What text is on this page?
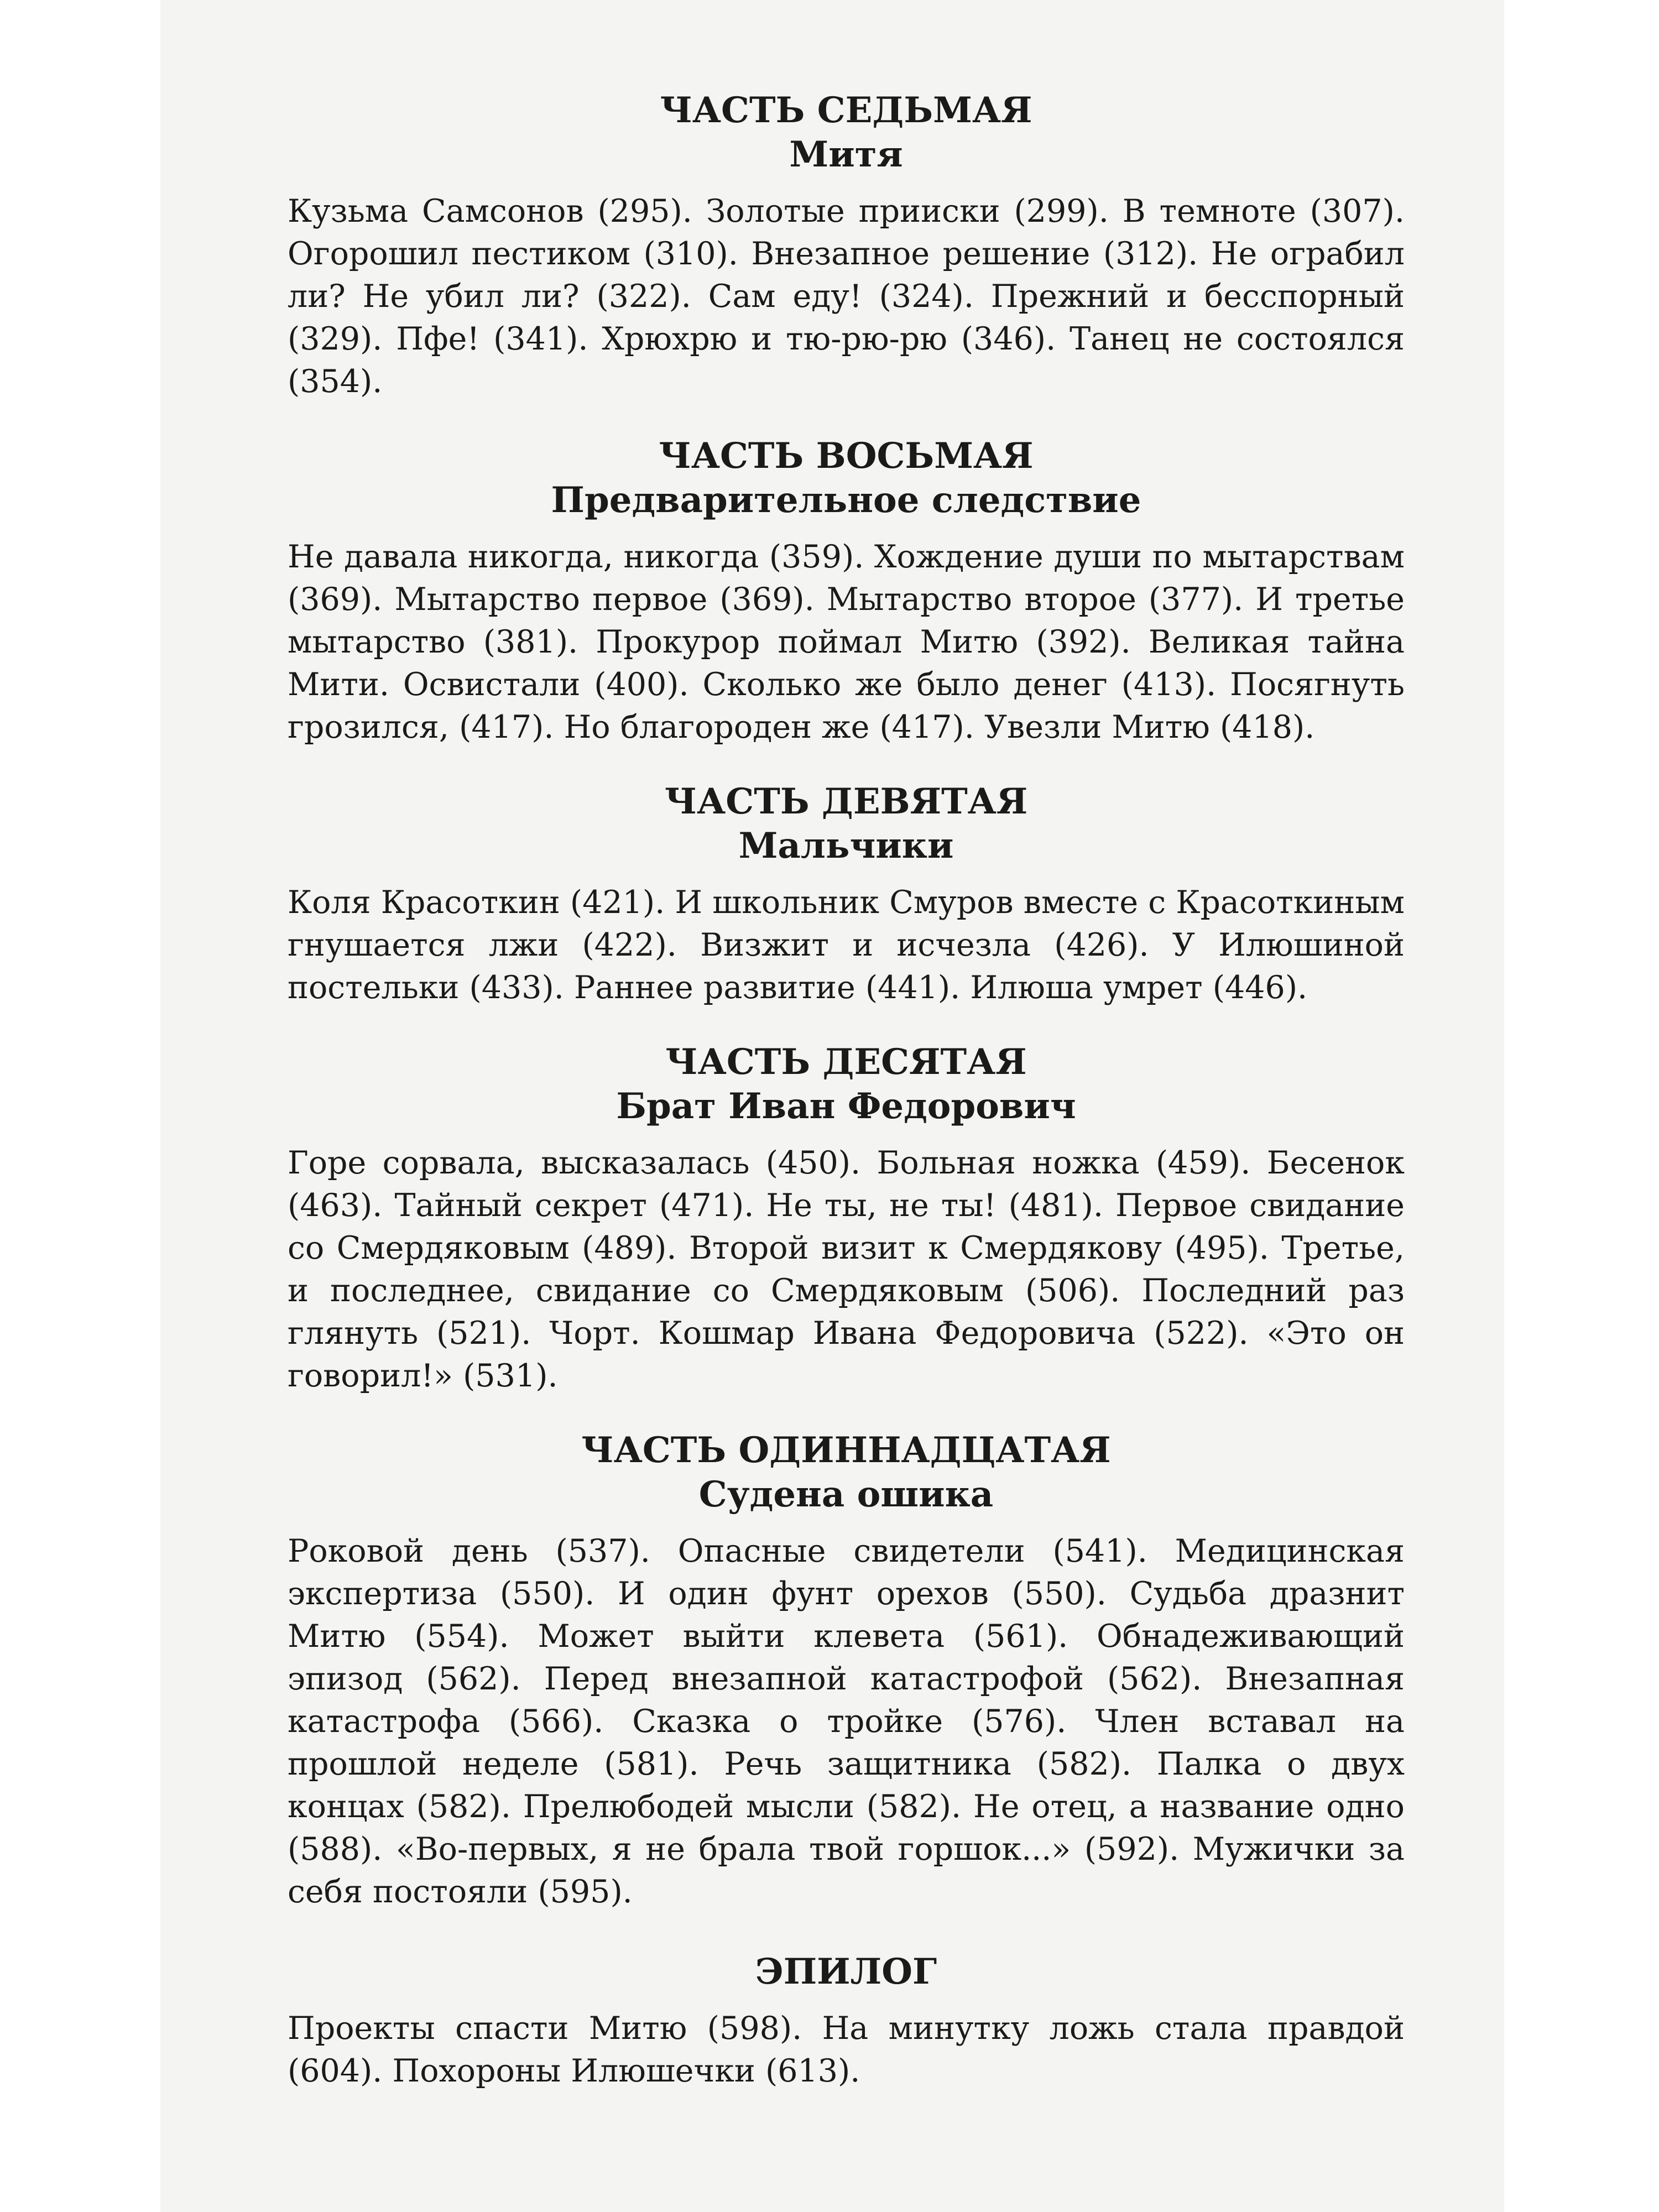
ЧАСТЬ СЕДЬМАЯ
Митя

Кузьма Самсонов (295). Золотые прииски (299). В темноте (307). Огорошил пестиком (310). Внезапное решение (312). Не ограбил ли? Не убил ли? (322). Сам еду! (324). Прежний и бесспорный (329). Пфе! (341). Хрюхрю и тю-рю-рю (346). Танец не состоялся (354).

ЧАСТЬ ВОСЬМАЯ
Предварительное следствие

Не давала никогда, никогда (359). Хождение души по мытарствам (369). Мытарство первое (369). Мытарство второе (377). И третье мытарство (381). Прокурор поймал Митю (392). Великая тайна Мити. Освистали (400). Сколько же было денег (413). Посягнуть грозился, (417). Но благороден же (417). Увезли Митю (418).

ЧАСТЬ ДЕВЯТАЯ
Мальчики

Коля Красоткин (421). И школьник Смуров вместе с Красоткиным гнушается лжи (422). Визжит и исчезла (426). У Илюшиной постельки (433). Раннее развитие (441). Илюша умрет (446).

ЧАСТЬ ДЕСЯТАЯ
Брат Иван Федорович

Горе сорвала, высказалась (450). Больная ножка (459). Бесенок (463). Тайный секрет (471). Не ты, не ты! (481). Первое свидание со Смердяковым (489). Второй визит к Смердякову (495). Третье, и последнее, свидание со Смердяковым (506). Последний раз глянуть (521). Чорт. Кошмар Ивана Федоровича (522). «Это он говорил!» (531).

ЧАСТЬ ОДИННАДЦАТАЯ
Судена ошика

Роковой день (537). Опасные свидетели (541). Медицинская экспертиза (550). И один фунт орехов (550). Судьба дразнит Митю (554). Может выйти клевета (561). Обнадеживающий эпизод (562). Перед внезапной катастрофой (562). Внезапная катастрофа (566). Сказка о тройке (576). Член вставал на прошлой неделе (581). Речь защитника (582). Палка о двух концах (582). Прелюбодей мысли (582). Не отец, а название одно (588). «Во-первых, я не брала твой горшок...» (592). Мужички за себя постояли (595).

ЭПИЛОГ

Проекты спасти Митю (598). На минутку ложь стала правдой (604). Похороны Илюшечки (613).
